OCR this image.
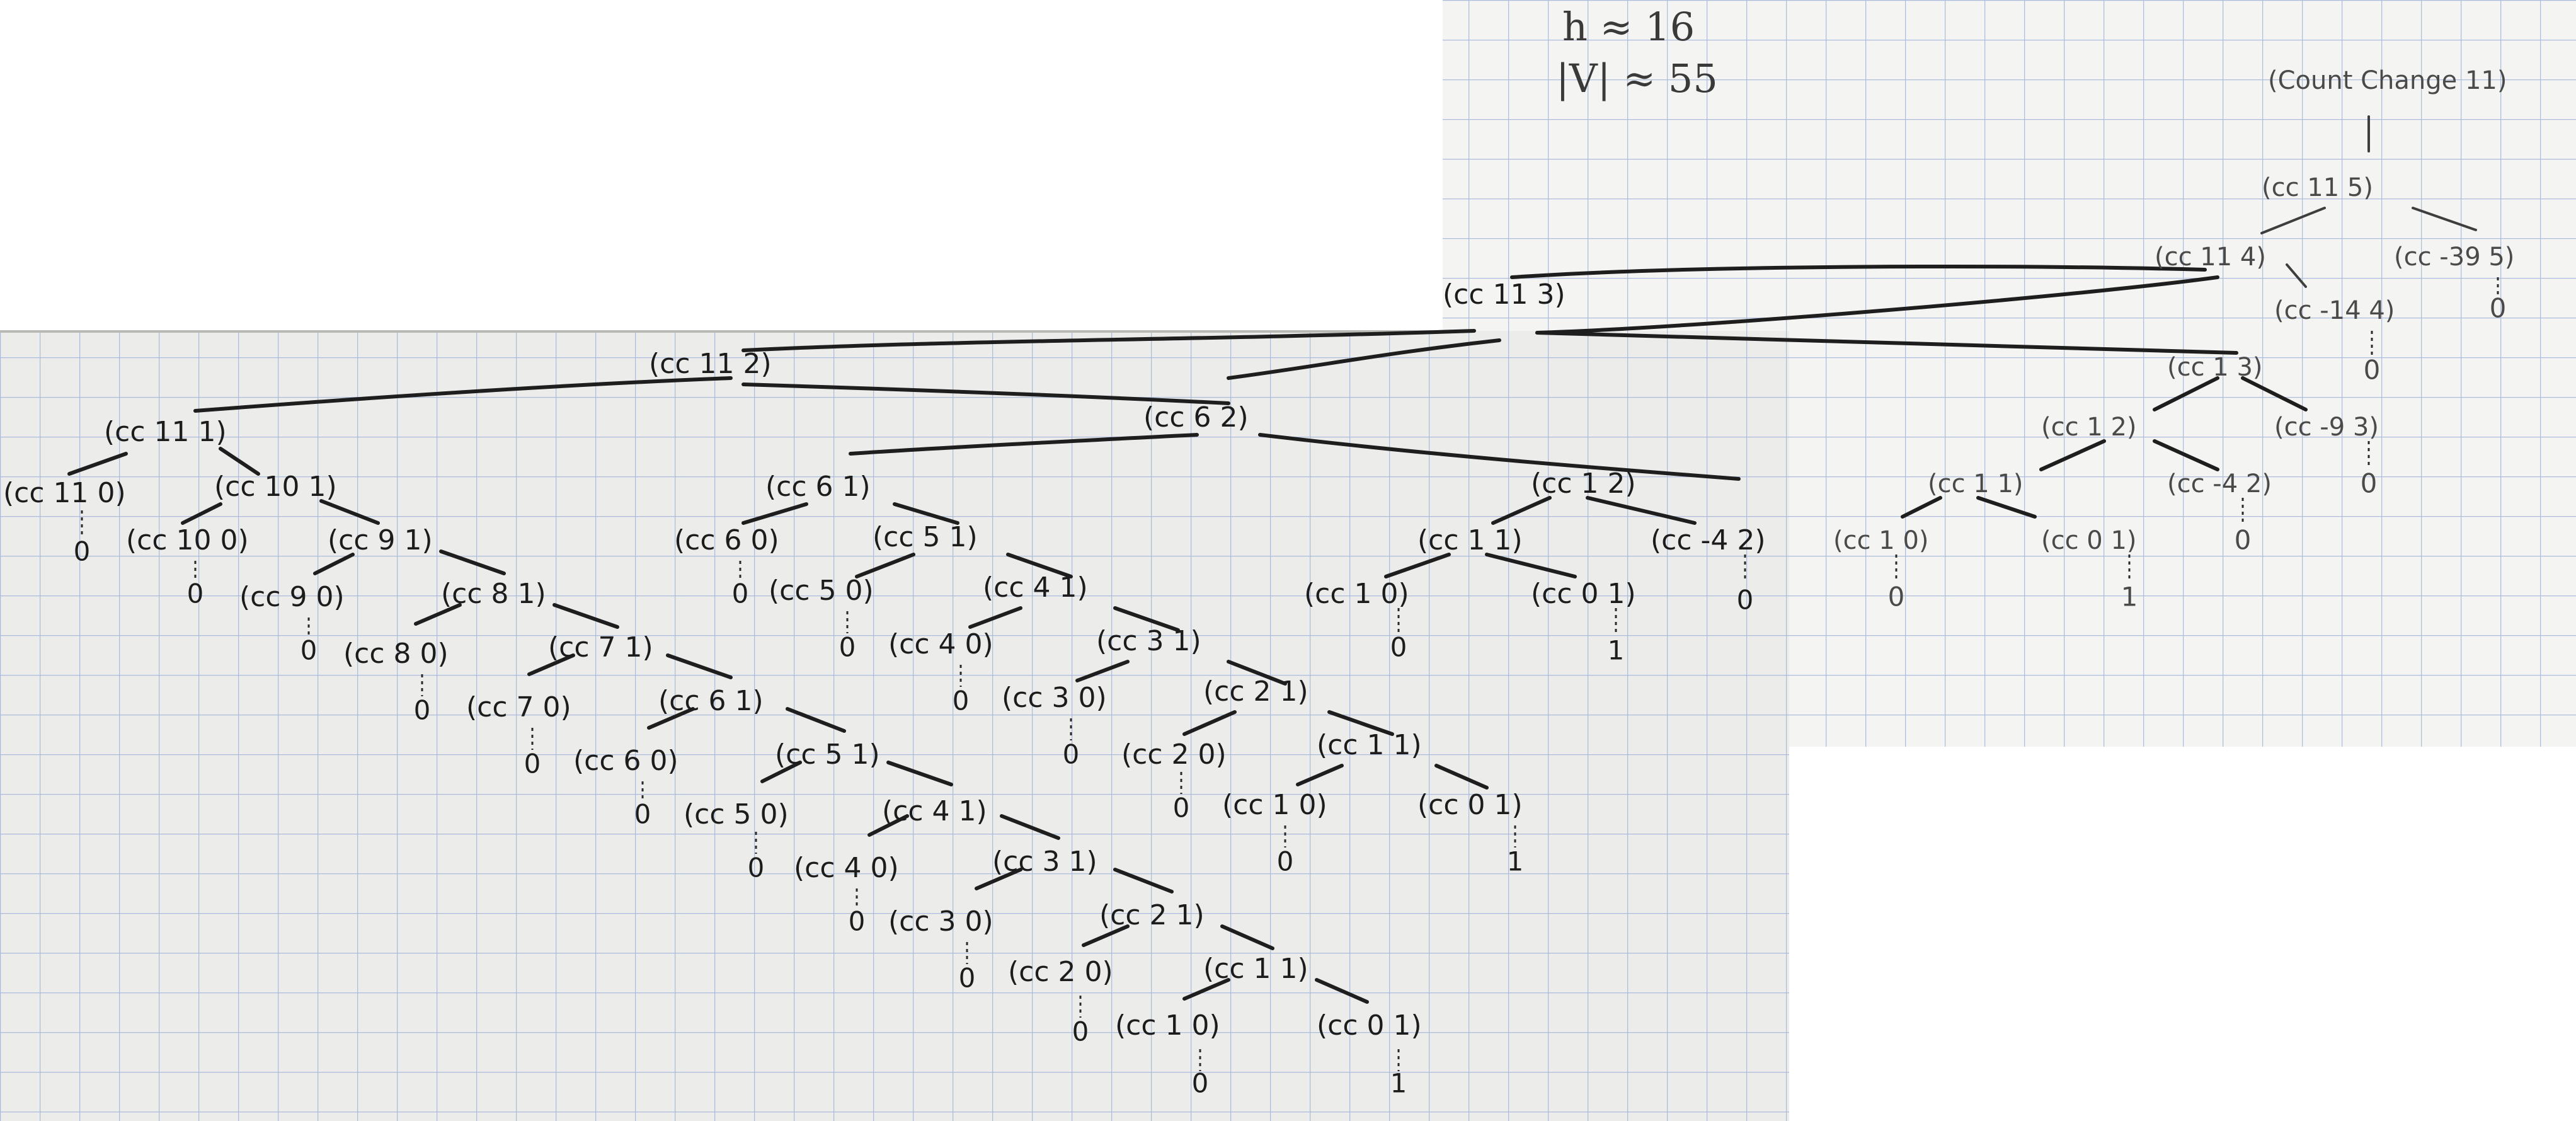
h ≈ 16
|V| ≈ 55	(Count Change 11)
(cc 11 5)
(cc 11 4)	(cc -39 5)
(cc 11 3)	(cc -14 4)
(cc 11 2)	(cc 1 3)
(cc 11 1)	(cc 6 2)	(cc 1 2)	(cc -9 3)
(cc 1 2)	(cc 1 1)	(cc -4 2)
(cc 1 1)	(cc -4 2)	(cc 1 0)	(cc 0 1)
(cc 1 0)	(cc 0 1)
(cc 11 0)	(cc 10 1)
(cc 10 0)	(cc 9 1)
(cc 9 0)	(cc 8 1)
(cc 8 0)	(cc 7 1)
(cc 7 0)	(cc 6 1)
(cc 6 0)	(cc 5 1)
(cc 5 0)	(cc 4 1)
(cc 4 0)	(cc 3 1)
(cc 3 0)	(cc 2 1)
(cc 2 0)	(cc 1 1)
(cc 1 0)	(cc 0 1)
(cc 6 1)
(cc 6 0)	(cc 5 1)
(cc 5 0)	(cc 4 1)
(cc 4 0)	(cc 3 1)
(cc 3 0)	(cc 2 1)
(cc 2 0)	(cc 1 1)
(cc 1 0)	(cc 0 1)
0
0
0
0
0	1
0
0	1
0
0
0
0
0
0
0
0
0
0
0	1
0
0
0
0
0
0	1
